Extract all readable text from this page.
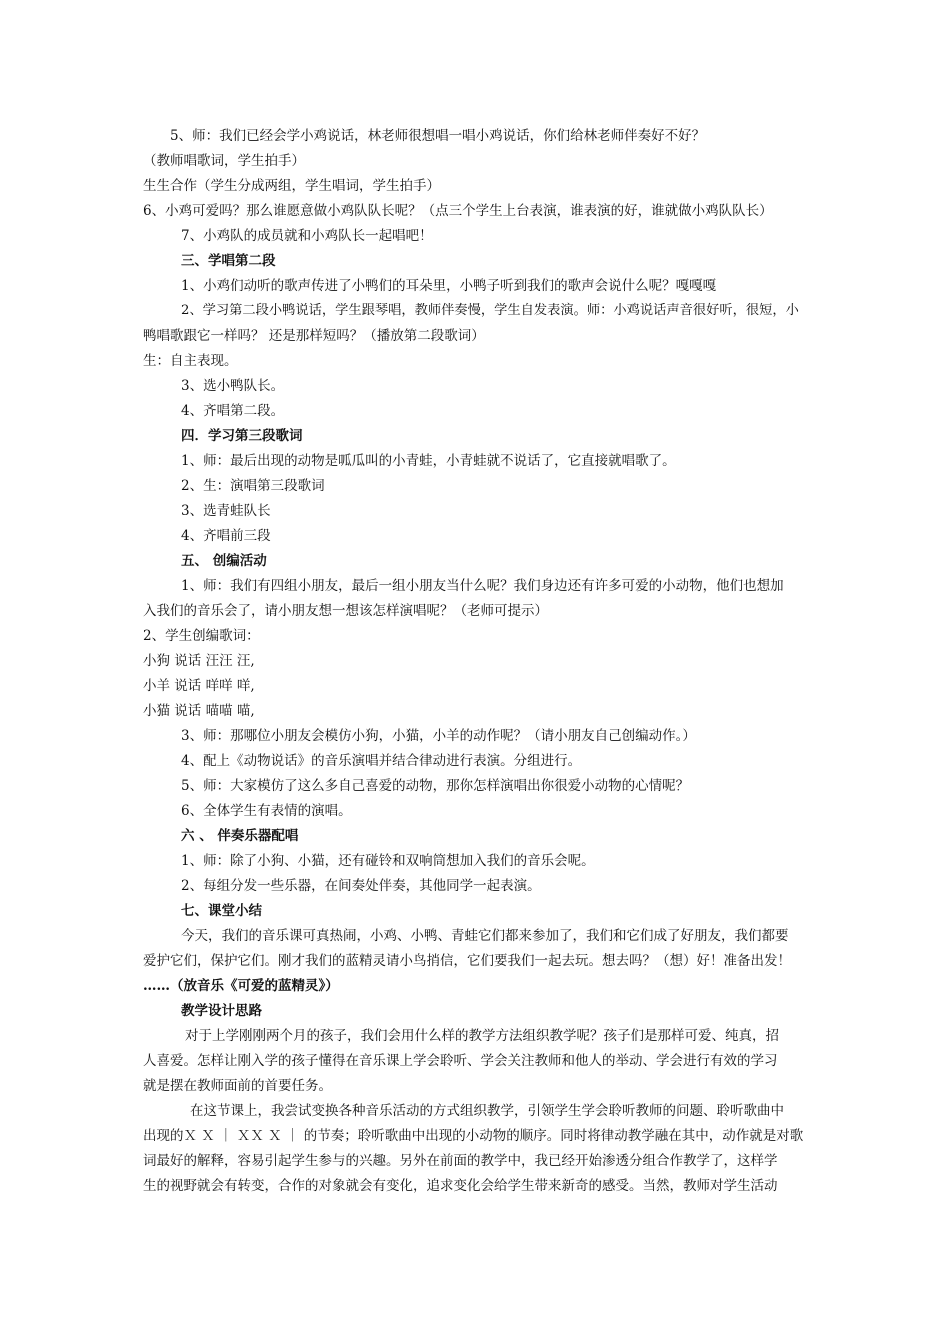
5、师：我们已经会学小鸡说话，林老师很想唱一唱小鸡说话，你们给林老师伴奏好不好？
（教师唱歌词，学生拍手）
生生合作（学生分成两组，学生唱词，学生拍手）
6、小鸡可爱吗？那么谁愿意做小鸡队队长呢？（点三个学生上台表演，谁表演的好，谁就做小鸡队队长）
7、小鸡队的成员就和小鸡队长一起唱吧！
三、学唱第二段
1、小鸡们动听的歌声传进了小鸭们的耳朵里，小鸭子听到我们的歌声会说什么呢？嘎嘎嘎
2、学习第二段小鸭说话，学生跟琴唱，教师伴奏慢，学生自发表演。师：小鸡说话声音很好听，很短，小
鸭唱歌跟它一样吗？ 还是那样短吗？（播放第二段歌词）
生：自主表现。
3、选小鸭队长。
4、齐唱第二段。
四．学习第三段歌词
1、师：最后出现的动物是呱瓜叫的小青蛙，小青蛙就不说话了，它直接就唱歌了。
2、生：演唱第三段歌词
3、选青蛙队长
4、齐唱前三段
五、 创编活动
1、师：我们有四组小朋友，最后一组小朋友当什么呢？我们身边还有许多可爱的小动物，他们也想加
入我们的音乐会了，请小朋友想一想该怎样演唱呢？（老师可提示）
2、学生创编歌词：
小狗 说话 汪汪 汪,
小羊 说话 咩咩 咩,
小猫 说话 喵喵 喵,
3、师：那哪位小朋友会模仿小狗，小猫，小羊的动作呢？（请小朋友自己创编动作。）
4、配上《动物说话》的音乐演唱并结合律动进行表演。分组进行。
5、师：大家模仿了这么多自己喜爱的动物，那你怎样演唱出你很爱小动物的心情呢？
6、全体学生有表情的演唱。
六 、 伴奏乐器配唱
1、师：除了小狗、小猫，还有碰铃和双响筒想加入我们的音乐会呢。
2、每组分发一些乐器，在间奏处伴奏，其他同学一起表演。
七、课堂小结
今天，我们的音乐课可真热闹，小鸡、小鸭、青蛙它们都来参加了，我们和它们成了好朋友，我们都要
爱护它们，保护它们。刚才我们的蓝精灵请小鸟捎信，它们要我们一起去玩。想去吗？（想）好！准备出发！
……（放音乐《可爱的蓝精灵》）
教学设计思路
对于上学刚刚两个月的孩子，我们会用什么样的教学方法组织教学呢？孩子们是那样可爱、纯真，招
人喜爱。怎样让刚入学的孩子懂得在音乐课上学会聆听、学会关注教师和他人的举动、学会进行有效的学习
就是摆在教师面前的首要任务。
在这节课上，我尝试变换各种音乐活动的方式组织教学，引领学生学会聆听教师的问题、聆听歌曲中
出现的Ｘ Ｘ ｜ ＸＸ Ｘ ｜ 的节奏；聆听歌曲中出现的小动物的顺序。同时将律动教学融在其中，动作就是对歌
词最好的解释，容易引起学生参与的兴趣。另外在前面的教学中，我已经开始渗透分组合作教学了，这样学
生的视野就会有转变，合作的对象就会有变化，追求变化会给学生带来新奇的感受。当然，教师对学生活动
